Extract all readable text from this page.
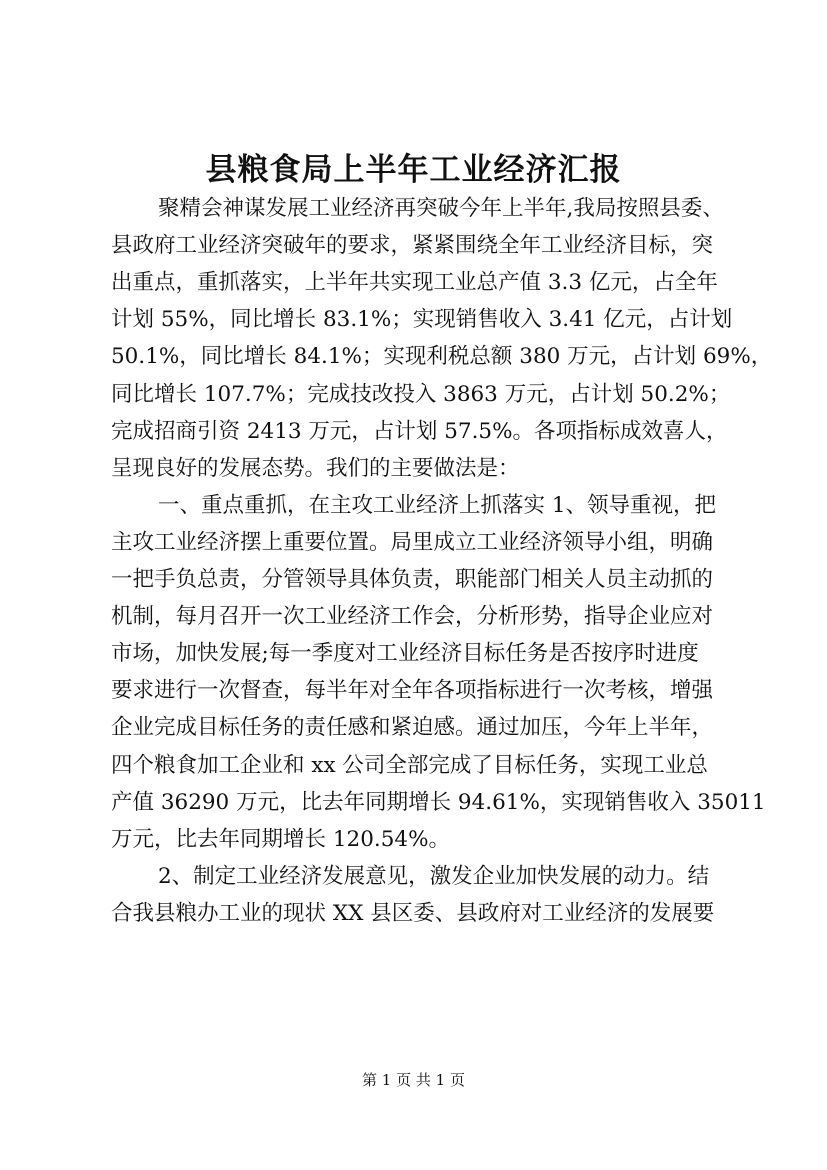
县粮食局上半年工业经济汇报
聚精会神谋发展工业经济再突破今年上半年,我局按照县委、
县政府工业经济突破年的要求，紧紧围绕全年工业经济目标，突
出重点，重抓落实，上半年共实现工业总产值 3.3 亿元，占全年
计划 55%，同比增长 83.1%；实现销售收入 3.41 亿元，占计划
50.1%，同比增长 84.1%；实现利税总额 380 万元，占计划 69%，
同比增长 107.7%；完成技改投入 3863 万元，占计划 50.2%；
完成招商引资 2413 万元，占计划 57.5%。各项指标成效喜人，
呈现良好的发展态势。我们的主要做法是：
一、重点重抓，在主攻工业经济上抓落实 1、领导重视，把
主攻工业经济摆上重要位置。局里成立工业经济领导小组，明确
一把手负总责，分管领导具体负责，职能部门相关人员主动抓的
机制，每月召开一次工业经济工作会，分析形势，指导企业应对
市场，加快发展;每一季度对工业经济目标任务是否按序时进度
要求进行一次督查，每半年对全年各项指标进行一次考核，增强
企业完成目标任务的责任感和紧迫感。通过加压，今年上半年，
四个粮食加工企业和 xx 公司全部完成了目标任务，实现工业总
产值 36290 万元，比去年同期增长 94.61%，实现销售收入 35011
万元，比去年同期增长 120.54%。
2、制定工业经济发展意见，激发企业加快发展的动力。结
合我县粮办工业的现状 XX 县区委、县政府对工业经济的发展要
第 1 页 共 1 页
